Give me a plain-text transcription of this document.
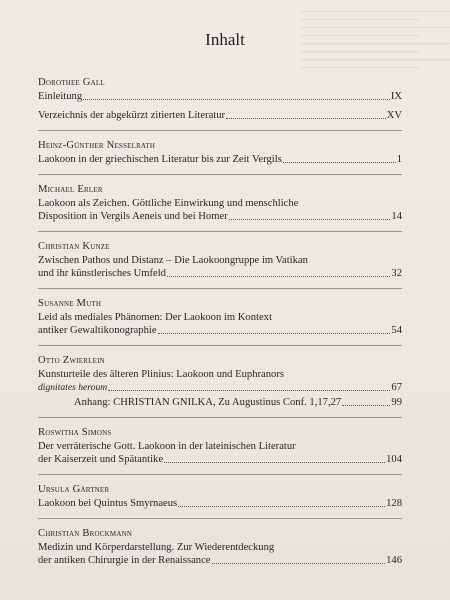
Inhalt
Dorothee Gall
Einleitung	IX
Verzeichnis der abgekürzt zitierten Literatur	XV
Heinz-Günther Nesselrath
Laokoon in der griechischen Literatur bis zur Zeit Vergils	1
Michael Erler
Laokoon als Zeichen. Göttliche Einwirkung und menschliche
Disposition in Vergils Aeneis und bei Homer	14
Christian Kunze
Zwischen Pathos und Distanz – Die Laokoongruppe im Vatikan
und ihr künstlerisches Umfeld	32
Susanne Muth
Leid als mediales Phänomen: Der Laokoon im Kontext
antiker Gewaltikonographie	54
Otto Zwierlein
Kunsturteile des älteren Plinius: Laokoon und Euphranors
dignitates heroum	67
Anhang: CHRISTIAN GNILKA, Zu Augustinus Conf. 1,17,27	99
Roswitha Simons
Der verräterische Gott. Laokoon in der lateinischen Literatur
der Kaiserzeit und Spätantike	104
Ursula Gärtner
Laokoon bei Quintus Smyrnaeus	128
Christian Brockmann
Medizin und Körperdarstellung. Zur Wiederentdeckung
der antiken Chirurgie in der Renaissance	146
